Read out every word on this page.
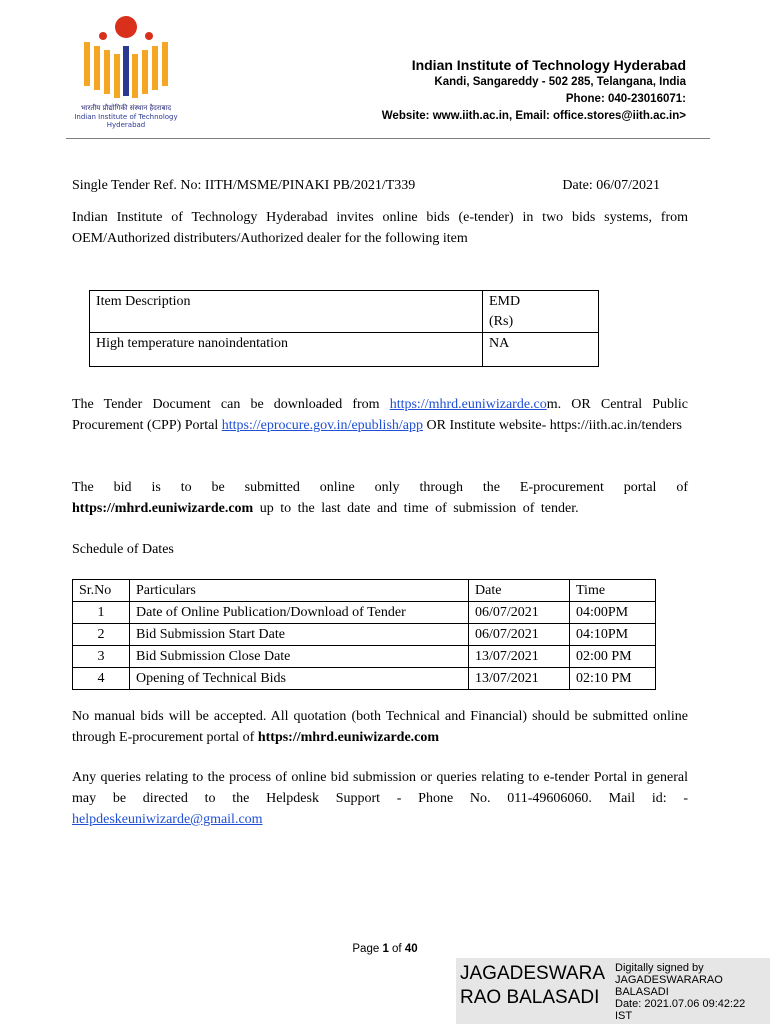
भारतीय प्रौद्योगिकी संस्थान हैदराबाद
Indian Institute of Technology Hyderabad
Indian Institute of Technology Hyderabad
Kandi, Sangareddy - 502 285, Telangana, India
Phone: 040-23016071:
Website: www.iith.ac.in, Email: office.stores@iith.ac.in>
Single Tender Ref. No: IITH/MSME/PINAKI PB/2021/T339	Date: 06/07/2021
Indian Institute of Technology Hyderabad invites online bids (e-tender) in two bids systems, from OEM/Authorized distributers/Authorized dealer for the following item
Item Description	EMD
(Rs)

High temperature nanoindentation	NA
The Tender Document can be downloaded from https://mhrd.euniwizarde.com. OR Central Public Procurement (CPP) Portal https://eprocure.gov.in/epublish/app OR Institute website- https://iith.ac.in/tenders
The bid is to be submitted online only through the E-procurement portal of https://mhrd.euniwizarde.com up to the last date and time of submission of tender.
Schedule of Dates
Sr.No	Particulars	Date	Time
1	Date of Online Publication/Download of Tender	06/07/2021	04:00PM
2	Bid Submission Start Date	06/07/2021	04:10PM
3	Bid Submission Close Date	13/07/2021	02:00 PM
4	Opening of Technical Bids	13/07/2021	02:10 PM
No manual bids will be accepted. All quotation (both Technical and Financial) should be submitted online through E-procurement portal of https://mhrd.euniwizarde.com
Any queries relating to the process of online bid submission or queries relating to e-tender Portal in general may be directed to the Helpdesk Support - Phone No. 011-49606060. Mail id: - helpdeskeuniwizarde@gmail.com
Page 1 of 40
JAGADESWARA
RAO BALASADI
Digitally signed by
JAGADESWARARAO
BALASADI
Date: 2021.07.06 09:42:22
IST
